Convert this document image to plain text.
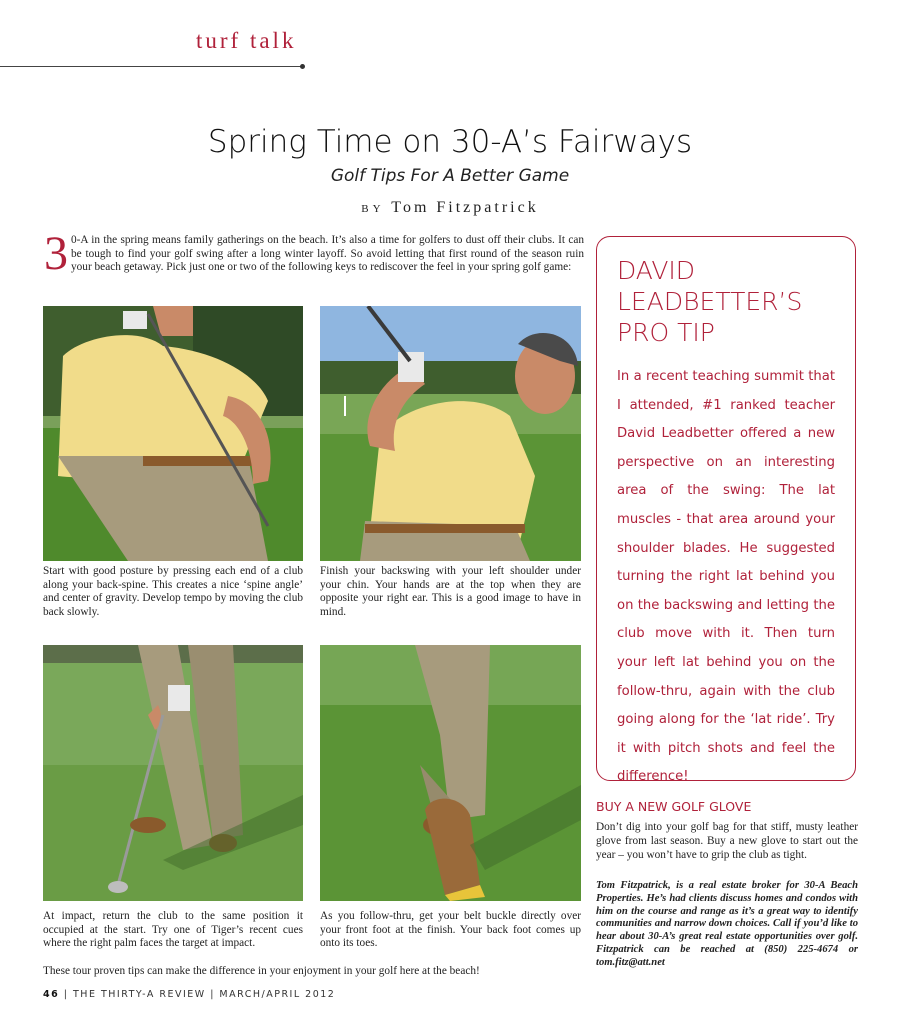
turf talk
Spring Time on 30-A’s Fairways
Golf Tips For A Better Game
BY Tom Fitzpatrick
3 0-A in the spring means family gatherings on the beach. It’s also a time for golfers to dust off their clubs. It can be tough to find your golf swing after a long winter layoff. So avoid letting that first round of the season ruin your beach getaway. Pick just one or two of the following keys to rediscover the feel in your spring golf game:
Start with good posture by pressing each end of a club along your back-spine. This creates a nice ‘spine angle’ and center of gravity. Develop tempo by moving the club back slowly.
Finish your backswing with your left shoulder under your chin. Your hands are at the top when they are opposite your right ear. This is a good image to have in mind.
At impact, return the club to the same position it occupied at the start. Try one of Tiger’s recent cues where the right palm faces the target at impact.
As you follow-thru, get your belt buckle directly over your front foot at the finish. Your back foot comes up onto its toes.
These tour proven tips can make the difference in your enjoyment in your golf here at the beach!
46 | THE THIRTY-A REVIEW | MARCH/APRIL 2012
DAVID
LEADBETTER’S
PRO TIP
In a recent teaching summit that I attended, #1 ranked teacher David Leadbetter offered a new perspective on an interesting area of the swing: The lat muscles - that area around your shoulder blades. He suggested turning the right lat behind you on the backswing and letting the club move with it. Then turn your left lat behind you on the follow-thru, again with the club going along for the ‘lat ride’. Try it with pitch shots and feel the difference!
BUY A NEW GOLF GLOVE
Don’t dig into your golf bag for that stiff, musty leather glove from last season. Buy a new glove to start out the year – you won’t have to grip the club as tight.
Tom Fitzpatrick, is a real estate broker for 30-A Beach Properties. He’s had clients discuss homes and condos with him on the course and range as it’s a great way to identify communities and narrow down choices. Call if you’d like to hear about 30-A’s great real estate opportunities over golf. Fitzpatrick can be reached at (850) 225-4674 or tom.fitz@att.net
